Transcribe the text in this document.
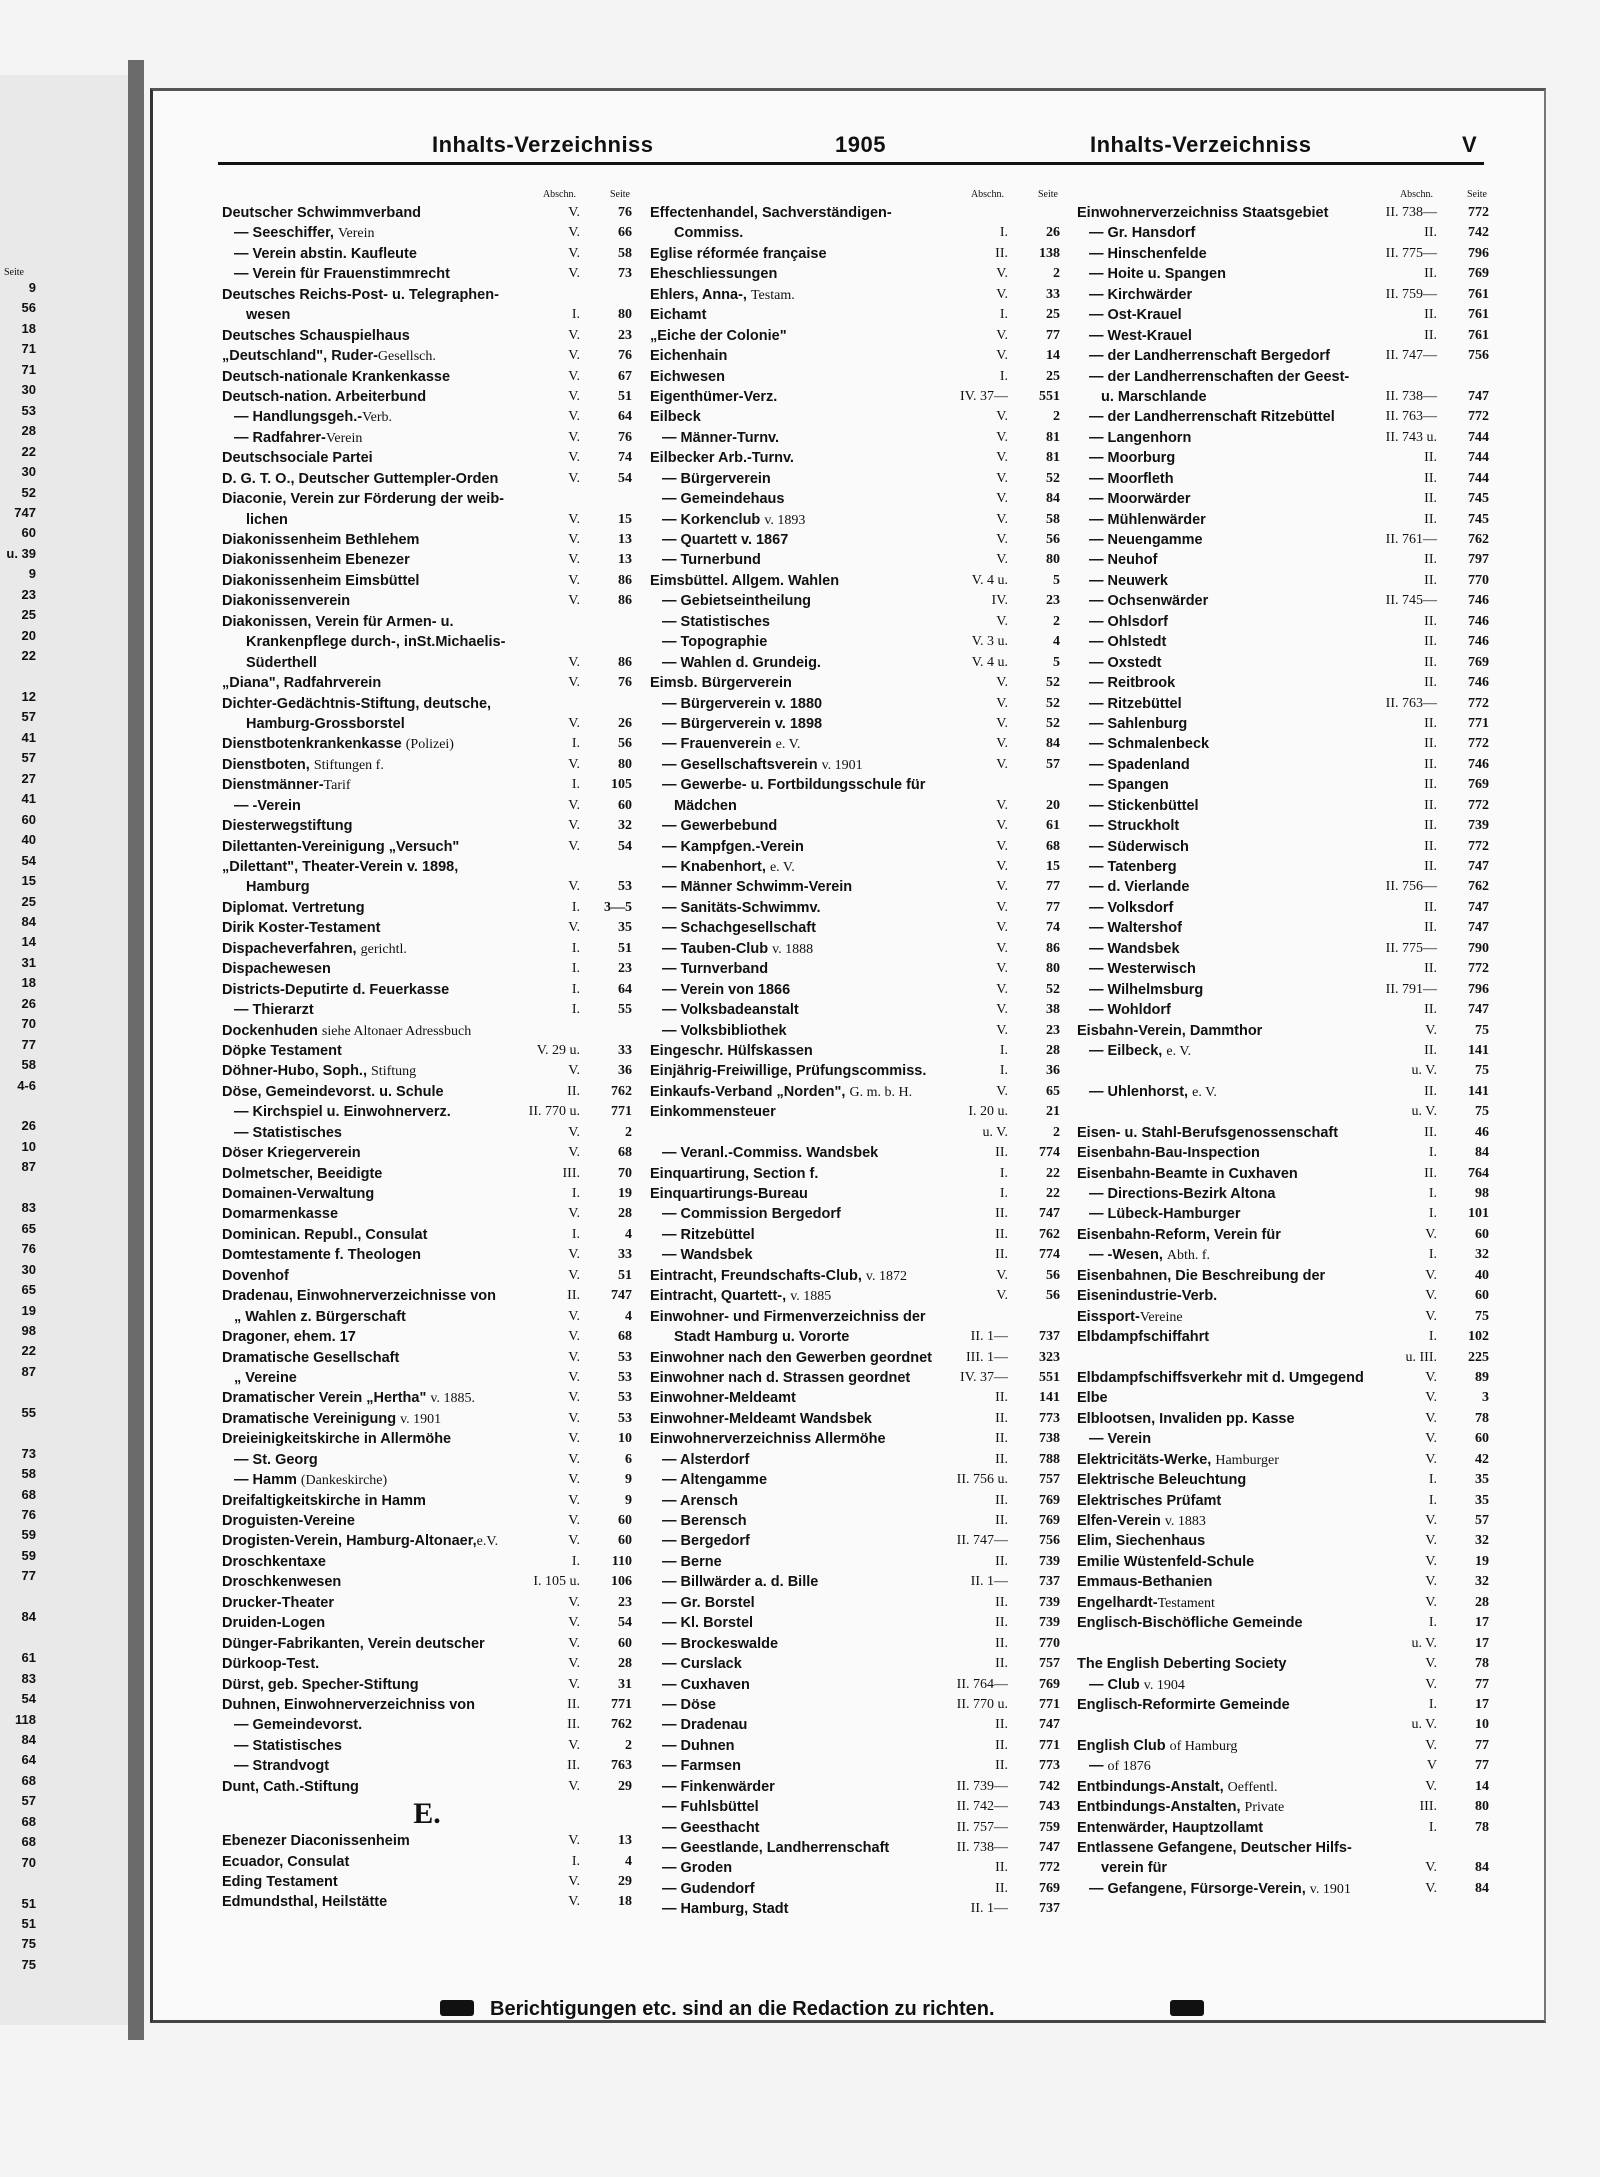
Seite
9
56
18
71
71
30
53
28
22
30
52
747
60
u. 39
9
23
25
20
22
12
57
41
57
27
41
60
40
54
15
25
84
14
31
18
26
70
77
58
4-6
26
10
87
83
65
76
30
65
19
98
22
87
55
73
58
68
76
59
59
77
84
61
83
54
118
84
64
68
57
68
68
70
51
51
75
75
Inhalts-Verzeichniss	1905	Inhalts-Verzeichniss	V
Abschn.	Seite
Deutscher Schwimmverband	V.	76
— Seeschiffer, Verein	V.	66
— Verein abstin. Kaufleute	V.	58
— Verein für Frauenstimmrecht	V.	73
Deutsches Reichs-Post- u. Telegraphen-
wesen	I.	80
Deutsches Schauspielhaus	V.	23
„Deutschland", Ruder-Gesellsch.	V.	76
Deutsch-nationale Krankenkasse	V.	67
Deutsch-nation. Arbeiterbund	V.	51
— Handlungsgeh.-Verb.	V.	64
— Radfahrer-Verein	V.	76
Deutschsociale Partei	V.	74
D. G. T. O., Deutscher Guttempler-Orden	V.	54
Diaconie, Verein zur Förderung der weib-
lichen	V.	15
Diakonissenheim Bethlehem	V.	13
Diakonissenheim Ebenezer	V.	13
Diakonissenheim Eimsbüttel	V.	86
Diakonissenverein	V.	86
Diakonissen, Verein für Armen- u.
Krankenpflege durch-, inSt.Michaelis-
Süderthell	V.	86
„Diana", Radfahrverein	V.	76
Dichter-Gedächtnis-Stiftung, deutsche,
Hamburg-Grossborstel	V.	26
Dienstbotenkrankenkasse (Polizei)	I.	56
Dienstboten, Stiftungen f.	V.	80
Dienstmänner-Tarif	I.	105
— -Verein	V.	60
Diesterwegstiftung	V.	32
Dilettanten-Vereinigung „Versuch"	V.	54
„Dilettant", Theater-Verein v. 1898,
Hamburg	V.	53
Diplomat. Vertretung	I.	3—5
Dirik Koster-Testament	V.	35
Dispacheverfahren, gerichtl.	I.	51
Dispachewesen	I.	23
Districts-Deputirte d. Feuerkasse	I.	64
— Thierarzt	I.	55
Dockenhuden siehe Altonaer Adressbuch
Döpke Testament	V. 29 u.	33
Döhner-Hubo, Soph., Stiftung	V.	36
Döse, Gemeindevorst. u. Schule	II.	762
— Kirchspiel u. Einwohnerverz.	II. 770 u.	771
— Statistisches	V.	2
Döser Kriegerverein	V.	68
Dolmetscher, Beeidigte	III.	70
Domainen-Verwaltung	I.	19
Domarmenkasse	V.	28
Dominican. Republ., Consulat	I.	4
Domtestamente f. Theologen	V.	33
Dovenhof	V.	51
Dradenau, Einwohnerverzeichnisse von	II.	747
„ Wahlen z. Bürgerschaft	V.	4
Dragoner, ehem. 17	V.	68
Dramatische Gesellschaft	V.	53
„ Vereine	V.	53
Dramatischer Verein „Hertha" v. 1885.	V.	53
Dramatische Vereinigung v. 1901	V.	53
Dreieinigkeitskirche in Allermöhe	V.	10
— St. Georg	V.	6
— Hamm (Dankeskirche)	V.	9
Dreifaltigkeitskirche in Hamm	V.	9
Droguisten-Vereine	V.	60
Drogisten-Verein, Hamburg-Altonaer,e.V.	V.	60
Droschkentaxe	I.	110
Droschkenwesen	I. 105 u.	106
Drucker-Theater	V.	23
Druiden-Logen	V.	54
Dünger-Fabrikanten, Verein deutscher	V.	60
Dürkoop-Test.	V.	28
Dürst, geb. Specher-Stiftung	V.	31
Duhnen, Einwohnerverzeichniss von	II.	771
— Gemeindevorst.	II.	762
— Statistisches	V.	2
— Strandvogt	II.	763
Dunt, Cath.-Stiftung	V.	29
E.
Ebenezer Diaconissenheim	V.	13
Ecuador, Consulat	I.	4
Eding Testament	V.	29
Edmundsthal, Heilstätte	V.	18
Abschn.	Seite
Effectenhandel, Sachverständigen-
Commiss.	I.	26
Eglise réformée française	II.	138
Eheschliessungen	V.	2
Ehlers, Anna-, Testam.	V.	33
Eichamt	I.	25
„Eiche der Colonie"	V.	77
Eichenhain	V.	14
Eichwesen	I.	25
Eigenthümer-Verz.	IV. 37—	551
Eilbeck	V.	2
— Männer-Turnv.	V.	81
Eilbecker Arb.-Turnv.	V.	81
— Bürgerverein	V.	52
— Gemeindehaus	V.	84
— Korkenclub v. 1893	V.	58
— Quartett v. 1867	V.	56
— Turnerbund	V.	80
Eimsbüttel. Allgem. Wahlen	V. 4 u.	5
— Gebietseintheilung	IV.	23
— Statistisches	V.	2
— Topographie	V. 3 u.	4
— Wahlen d. Grundeig.	V. 4 u.	5
Eimsb. Bürgerverein	V.	52
— Bürgerverein v. 1880	V.	52
— Bürgerverein v. 1898	V.	52
— Frauenverein e. V.	V.	84
— Gesellschaftsverein v. 1901	V.	57
— Gewerbe- u. Fortbildungsschule für
Mädchen	V.	20
— Gewerbebund	V.	61
— Kampfgen.-Verein	V.	68
— Knabenhort, e. V.	V.	15
— Männer Schwimm-Verein	V.	77
— Sanitäts-Schwimmv.	V.	77
— Schachgesellschaft	V.	74
— Tauben-Club v. 1888	V.	86
— Turnverband	V.	80
— Verein von 1866	V.	52
— Volksbadeanstalt	V.	38
— Volksbibliothek	V.	23
Eingeschr. Hülfskassen	I.	28
Einjährig-Freiwillige, Prüfungscommiss.	I.	36
Einkaufs-Verband „Norden", G. m. b. H.	V.	65
Einkommensteuer	I. 20 u.	21
u. V.	2
— Veranl.-Commiss. Wandsbek	II.	774
Einquartirung, Section f.	I.	22
Einquartirungs-Bureau	I.	22
— Commission Bergedorf	II.	747
— Ritzebüttel	II.	762
— Wandsbek	II.	774
Eintracht, Freundschafts-Club, v. 1872	V.	56
Eintracht, Quartett-, v. 1885	V.	56
Einwohner- und Firmenverzeichniss der
Stadt Hamburg u. Vororte	II. 1—	737
Einwohner nach den Gewerben geordnet III. 1—	323
Einwohner nach d. Strassen geordnet	IV. 37—	551
Einwohner-Meldeamt	II.	141
Einwohner-Meldeamt Wandsbek	II.	773
Einwohnerverzeichniss Allermöhe	II.	738
— Alsterdorf	II.	788
— Altengamme	II. 756 u.	757
— Arensch	II.	769
— Berensch	II.	769
— Bergedorf	II. 747—	756
— Berne	II.	739
— Billwärder a. d. Bille	II. 1—	737
— Gr. Borstel	II.	739
— Kl. Borstel	II.	739
— Brockeswalde	II.	770
— Curslack	II.	757
— Cuxhaven	II. 764—	769
— Döse	II. 770 u.	771
— Dradenau	II.	747
— Duhnen	II.	771
— Farmsen	II.	773
— Finkenwärder	II. 739—	742
— Fuhlsbüttel	II. 742—	743
— Geesthacht	II. 757—	759
— Geestlande, Landherrenschaft	II. 738—	747
— Groden	II.	772
— Gudendorf	II.	769
— Hamburg, Stadt	II. 1—	737
Abschn.	Seite
Einwohnerverzeichniss Staatsgebiet	II. 738—	772
— Gr. Hansdorf	II.	742
— Hinschenfelde	II. 775—	796
— Hoite u. Spangen	II.	769
— Kirchwärder	II. 759—	761
— Ost-Krauel	II.	761
— West-Krauel	II.	761
— der Landherrenschaft Bergedorf	II. 747—	756
— der Landherrenschaften der Geest-
u. Marschlande	II. 738—	747
— der Landherrenschaft Ritzebüttel	II. 763—	772
— Langenhorn	II. 743 u.	744
— Moorburg	II.	744
— Moorfleth	II.	744
— Moorwärder	II.	745
— Mühlenwärder	II.	745
— Neuengamme	II. 761—	762
— Neuhof	II.	797
— Neuwerk	II.	770
— Ochsenwärder	II. 745—	746
— Ohlsdorf	II.	746
— Ohlstedt	II.	746
— Oxstedt	II.	769
— Reitbrook	II.	746
— Ritzebüttel	II. 763—	772
— Sahlenburg	II.	771
— Schmalenbeck	II.	772
— Spadenland	II.	746
— Spangen	II.	769
— Stickenbüttel	II.	772
— Struckholt	II.	739
— Süderwisch	II.	772
— Tatenberg	II.	747
— d. Vierlande	II. 756—	762
— Volksdorf	II.	747
— Waltershof	II.	747
— Wandsbek	II. 775—	790
— Westerwisch	II.	772
— Wilhelmsburg	II. 791—	796
— Wohldorf	II.	747
Eisbahn-Verein, Dammthor	V.	75
— Eilbeck, e. V.	II.	141
u. V.	75
— Uhlenhorst, e. V.	II.	141
u. V.	75
Eisen- u. Stahl-Berufsgenossenschaft	II.	46
Eisenbahn-Bau-Inspection	I.	84
Eisenbahn-Beamte in Cuxhaven	II.	764
— Directions-Bezirk Altona	I.	98
— Lübeck-Hamburger	I.	101
Eisenbahn-Reform, Verein für	V.	60
— -Wesen, Abth. f.	I.	32
Eisenbahnen, Die Beschreibung der	V.	40
Eisenindustrie-Verb.	V.	60
Eissport-Vereine	V.	75
Elbdampfschiffahrt	I.	102
u. III.	225
Elbdampfschiffsverkehr mit d. Umgegend	V.	89
Elbe	V.	3
Elblootsen, Invaliden pp. Kasse	V.	78
— Verein	V.	60
Elektricitäts-Werke, Hamburger	V.	42
Elektrische Beleuchtung	I.	35
Elektrisches Prüfamt	I.	35
Elfen-Verein v. 1883	V.	57
Elim, Siechenhaus	V.	32
Emilie Wüstenfeld-Schule	V.	19
Emmaus-Bethanien	V.	32
Engelhardt-Testament	V.	28
Englisch-Bischöfliche Gemeinde	I.	17
u. V.	17
The English Deberting Society	V.	78
— Club v. 1904	V.	77
Englisch-Reformirte Gemeinde	I.	17
u. V.	10
English Club of Hamburg	V.	77
— of 1876	V	77
Entbindungs-Anstalt, Oeffentl.	V.	14
Entbindungs-Anstalten, Private	III.	80
Entenwärder, Hauptzollamt	I.	78
Entlassene Gefangene, Deutscher Hilfs-
verein für	V.	84
— Gefangene, Fürsorge-Verein, v. 1901	V.	84
Berichtigungen etc. sind an die Redaction zu richten.
